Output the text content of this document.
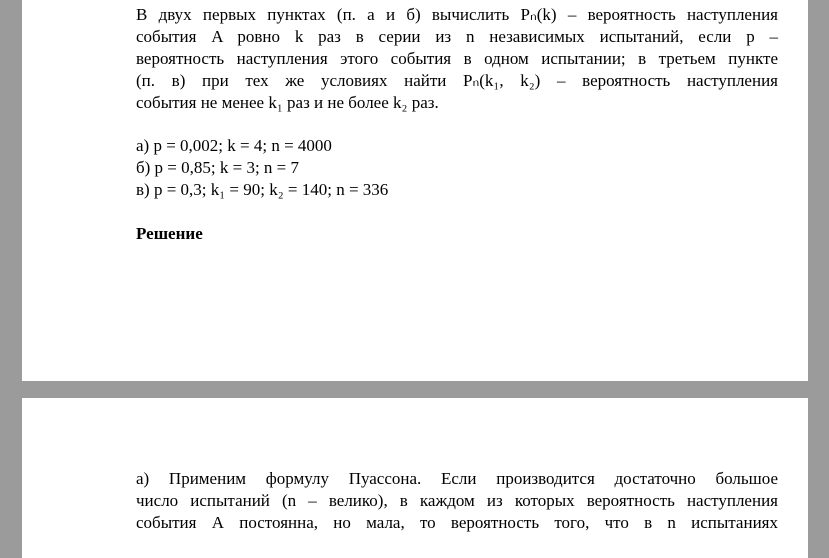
В двух первых пунктах (п. а и б) вычислить Pₙ(k) – вероятность наступления
события A ровно k раз в серии из n независимых испытаний, если p –
вероятность наступления этого события в одном испытании; в третьем пункте
(п. в) при тех же условиях найти Pₙ(k₁, k₂) – вероятность наступления
события не менее k₁ раз и не более k₂ раз.
а) p = 0,002; k = 4; n = 4000
б) p = 0,85; k = 3; n = 7
в) p = 0,3; k₁ = 90; k₂ = 140; n = 336
Решение
а) Применим формулу Пуассона. Если производится достаточно большое
число испытаний (n – велико), в каждом из которых вероятность наступления
события А постоянна, но мала, то вероятность того, что в n испытаниях
